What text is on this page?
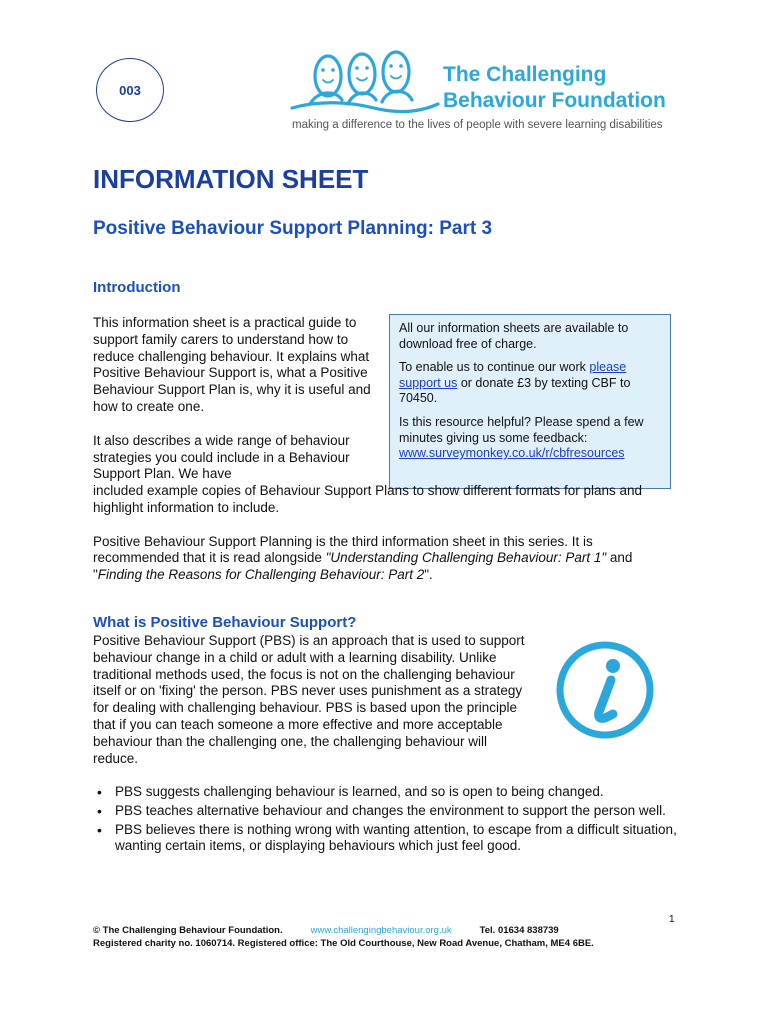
003
The Challenging
Behaviour Foundation
making a difference to the lives of people with severe learning disabilities
INFORMATION SHEET
Positive Behaviour Support Planning: Part 3
Introduction

This information sheet is a practical guide to support family carers to understand how to reduce challenging behaviour. It explains what Positive Behaviour Support is, what a Positive Behaviour Support Plan is, why it is useful and how to create one.

It also describes a wide range of behaviour strategies you could include in a Behaviour Support Plan. We have

All our information sheets are available to download free of charge.

To enable us to continue our work please support us or donate £3 by texting CBF to 70450.

Is this resource helpful? Please spend a few minutes giving us some feedback:
www.surveymonkey.co.uk/r/cbfresources

included example copies of Behaviour Support Plans to show different formats for plans and highlight information to include.

Positive Behaviour Support Planning is the third information sheet in this series. It is recommended that it is read alongside "Understanding Challenging Behaviour: Part 1" and "Finding the Reasons for Challenging Behaviour: Part 2".

What is Positive Behaviour Support?

Positive Behaviour Support (PBS) is an approach that is used to support behaviour change in a child or adult with a learning disability. Unlike traditional methods used, the focus is not on the challenging behaviour itself or on 'fixing' the person. PBS never uses punishment as a strategy for dealing with challenging behaviour. PBS is based upon the principle that if you can teach someone a more effective and more acceptable behaviour than the challenging one, the challenging behaviour will reduce.

• PBS suggests challenging behaviour is learned, and so is open to being changed.
• PBS teaches alternative behaviour and changes the environment to support the person well.
• PBS believes there is nothing wrong with wanting attention, to escape from a difficult situation, wanting certain items, or displaying behaviours which just feel good.
1
© The Challenging Behaviour Foundation.	www.challengingbehaviour.org.uk	Tel. 01634 838739
Registered charity no. 1060714. Registered office: The Old Courthouse, New Road Avenue, Chatham, ME4 6BE.
